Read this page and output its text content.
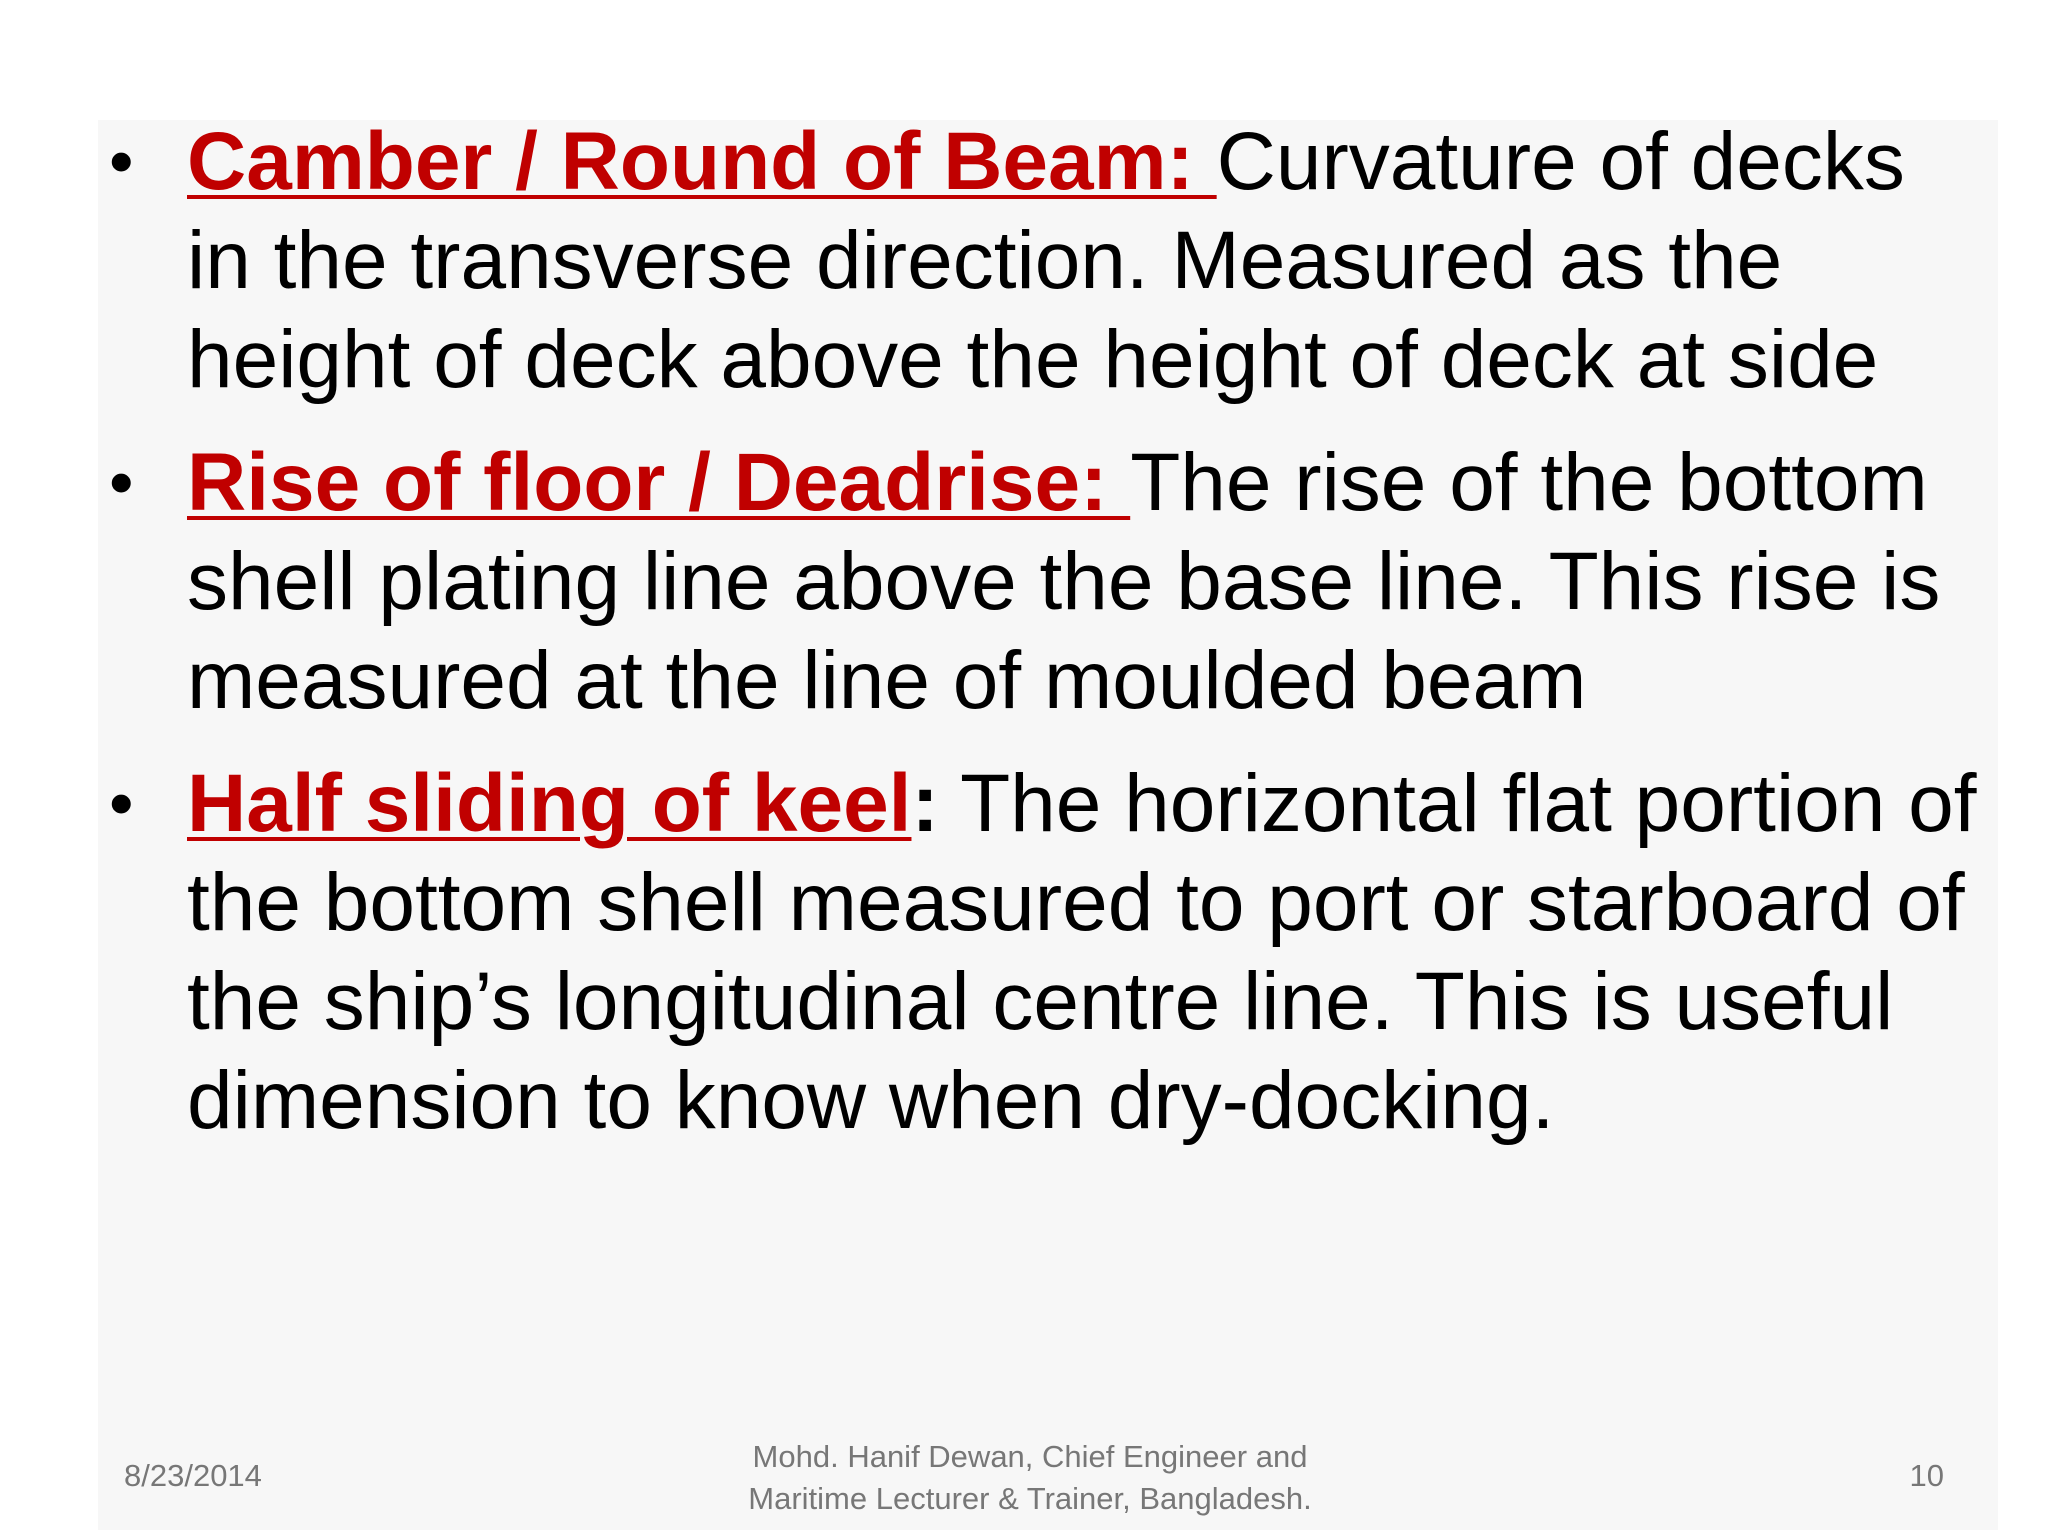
• Camber / Round of Beam: Curvature of decks in the transverse direction. Measured as the height of deck above the height of deck at side
• Rise of floor / Deadrise: The rise of the bottom shell plating line above the base line. This rise is measured at the line of moulded beam
• Half sliding of keel: The horizontal flat portion of the bottom shell measured to port or starboard of the ship’s longitudinal centre line. This is useful dimension to know when dry-docking.
8/23/2014
Mohd. Hanif Dewan, Chief Engineer and
Maritime Lecturer & Trainer, Bangladesh.
10
